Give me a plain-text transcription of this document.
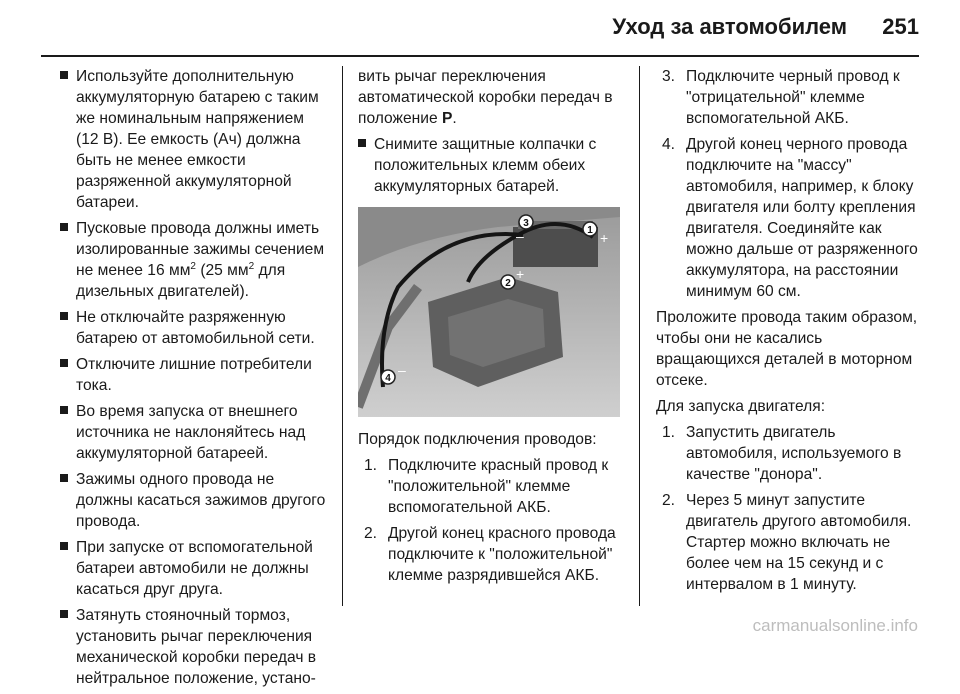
Уход за автомобилем 251
Используйте дополнительную аккумуляторную батарею с таким же номинальным напряжением (12 В). Ее емкость (Ач) должна быть не менее емкости разряженной аккумуляторной батареи.
Пусковые провода должны иметь изолированные зажимы сечением не менее 16 $мм^2$ (25 $мм^2$ для дизельных двигателей).
Не отключайте разряженную батарею от автомобильной сети.
Отключите лишние потребители тока.
Во время запуска от внешнего источника не наклоняйтесь над аккумуляторной батареей.
Зажимы одного провода не должны касаться зажимов другого провода.
При запуске от вспомогательной батареи автомобили не должны касаться друг друга.
Затянуть стояночный тормоз, установить рычаг переключения механической коробки передач в нейтральное положение, устано-
вить рычаг переключения автоматической коробки передач в положение P.
Снимите защитные колпачки с положительных клемм обеих аккумуляторных батарей.
1
2
3
4
+
+
–
–
Порядок подключения проводов:
1. Подключите красный провод к "положительной" клемме вспомогательной АКБ.
2. Другой конец красного провода подключите к "положительной" клемме разрядившейся АКБ.
3. Подключите черный провод к "отрицательной" клемме вспомогательной АКБ.
4. Другой конец черного провода подключите на "массу" автомобиля, например, к блоку двигателя или болту крепления двигателя. Соединяйте как можно дальше от разряженного аккумулятора, на расстоянии минимум 60 см.
Проложите провода таким образом, чтобы они не касались вращающихся деталей в моторном отсеке.
Для запуска двигателя:
1. Запустить двигатель автомобиля, используемого в качестве "донора".
2. Через 5 минут запустите двигатель другого автомобиля. Стартер можно включать не более чем на 15 секунд и с интервалом в 1 минуту.
carmanualsonline.info
